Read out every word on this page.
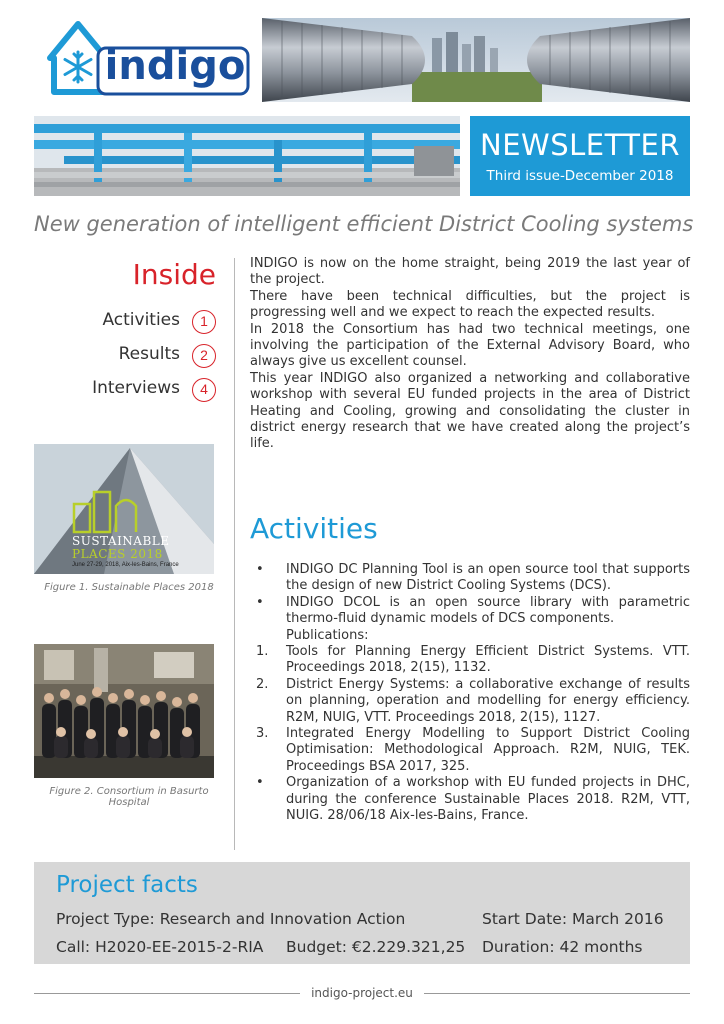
indigo
NEWSLETTER
Third issue-December 2018
New generation of intelligent efficient District Cooling systems
Inside
Activities	1
Results	2
Interviews	4

INDIGO is now on the home straight, being 2019 the last year of the project.

There have been technical difficulties, but the project is progressing well and we expect to reach the expected results.

In 2018 the Consortium has had two technical meetings, one involving the participation of the External Advisory Board, who always give us excellent counsel.

This year INDIGO also organized a networking and collaborative workshop with several EU funded projects in the area of District Heating and Cooling, growing and consolidating the cluster in district energy research that we have created along the project’s life.

SUSTAINABLE
PLACES 2018
June 27-29, 2018, Aix-les-Bains, France
Figure 1. Sustainable Places 2018
Figure 2. Consortium in Basurto Hospital
Activities
•	INDIGO DC Planning Tool is an open source tool that supports the design of new District Cooling Systems (DCS).
•	INDIGO DCOL is an open source library with parametric thermo-fluid dynamic models of DCS components.
Publications:
1.	Tools for Planning Energy Efficient District Systems. VTT. Proceedings 2018, 2(15), 1132.
2.	District Energy Systems: a collaborative exchange of results on planning, operation and modelling for energy efficiency. R2M, NUIG, VTT. Proceedings 2018, 2(15), 1127.
3.	Integrated Energy Modelling to Support District Cooling Optimisation: Methodological Approach. R2M, NUIG, TEK. Proceedings BSA 2017, 325.
•	Organization of a workshop with EU funded projects in DHC, during the conference Sustainable Places 2018. R2M, VTT, NUIG. 28/06/18 Aix-les-Bains, France.
Project facts
Project Type: Research and Innovation Action	Start Date: March 2016
Call: H2020-EE-2015-2-RIA Budget: €2.229.321,25 Duration: 42 months
indigo-project.eu
